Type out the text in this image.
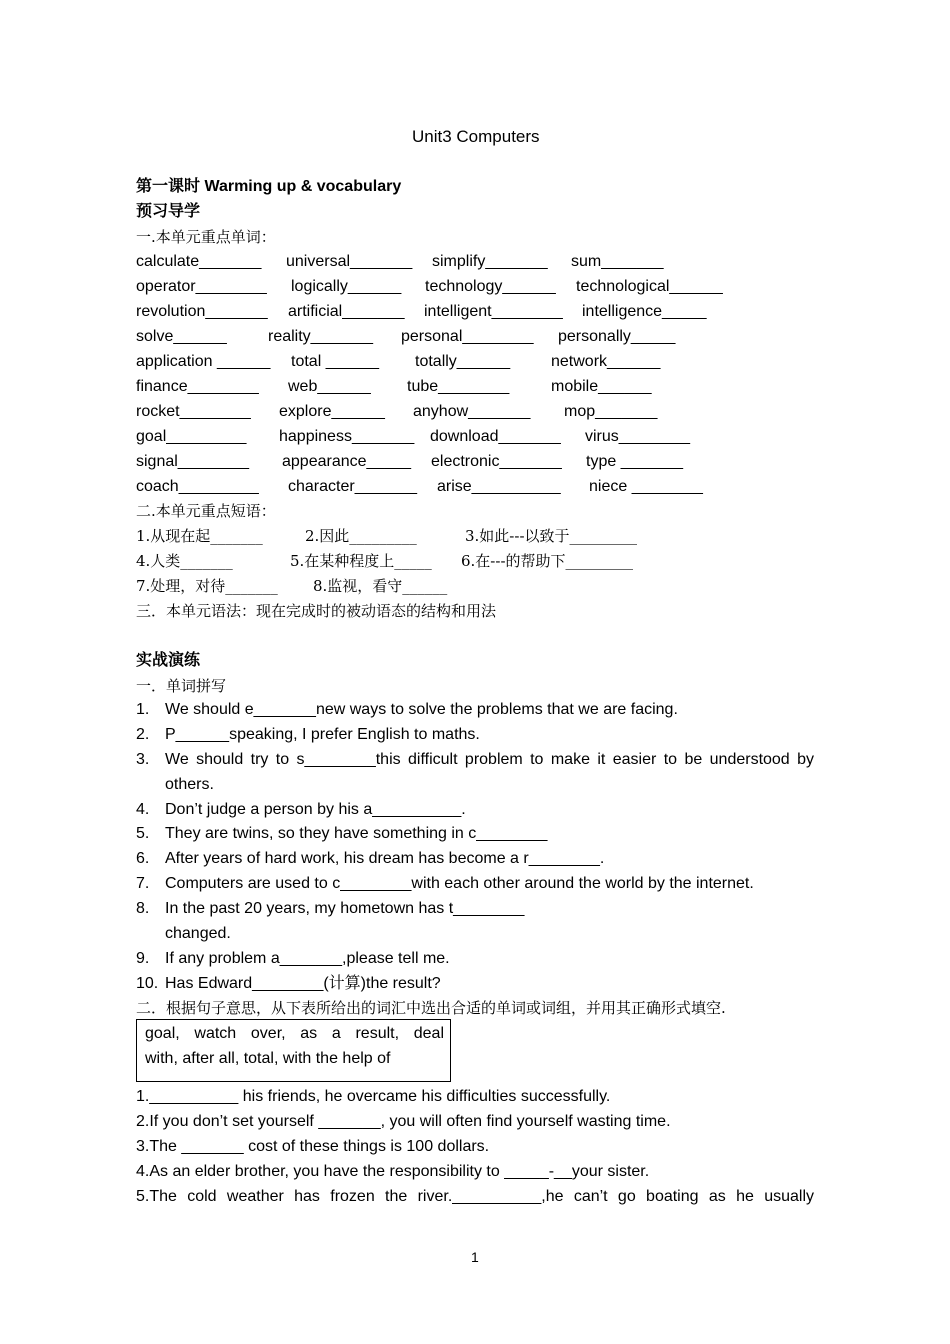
Unit3 Computers
第一课时 Warming up & vocabulary
预习导学
一.本单元重点单词：
calculate_______ universal_______ simplify_______ sum_______
operator________ logically______ technology______ technological______
revolution_______ artificial_______ intelligent________ intelligence_____
solve______	reality_______ personal________ personally_____
application ______ total ______ totally______	network______
finance________ web______ tube________	mobile______
rocket________ explore______ anyhow_______ mop_______
goal_________ happiness_______ download_______ virus________
signal________ appearance_____ electronic_______ type _______
coach_________ character_______ arise__________ niece ________
二.本单元重点短语：
1.从现在起_______	2.因此_________	3.如此---以致于_________
4.人类_______	5.在某种程度上_____ 6.在---的帮助下_________
7.处理，对待_______ 8.监视，看守______
三．本单元语法：现在完成时的被动语态的结构和用法
实战演练
一．单词拼写
1. We should e_______new ways to solve the problems that we are facing.
2. P______speaking, I prefer English to maths.
3. We should try to s________this difficult problem to make it easier to be understood by
others.
4. Don’t judge a person by his a__________.
5. They are twins, so they have something in c________
6. After years of hard work, his dream has become a r________.
7. Computers are used to c________with each other around the world by the internet.
8. In the past 20 years, my hometown has t________
changed.
9. If any problem a_______,please tell me.
10. Has Edward________(计算)the result?
二．根据句子意思，从下表所给出的词汇中选出合适的单词或词组，并用其正确形式填空.
goal, watch over, as a result, deal
with, after all, total, with the help of
1.__________ his friends, he overcame his difficulties successfully.
2.If you don’t set yourself _______, you will often find yourself wasting time.
3.The _______ cost of these things is 100 dollars.
4.As an elder brother, you have the responsibility to _____-__your sister.
5.The cold weather has frozen the river.__________,he can’t go boating as he usually
1
